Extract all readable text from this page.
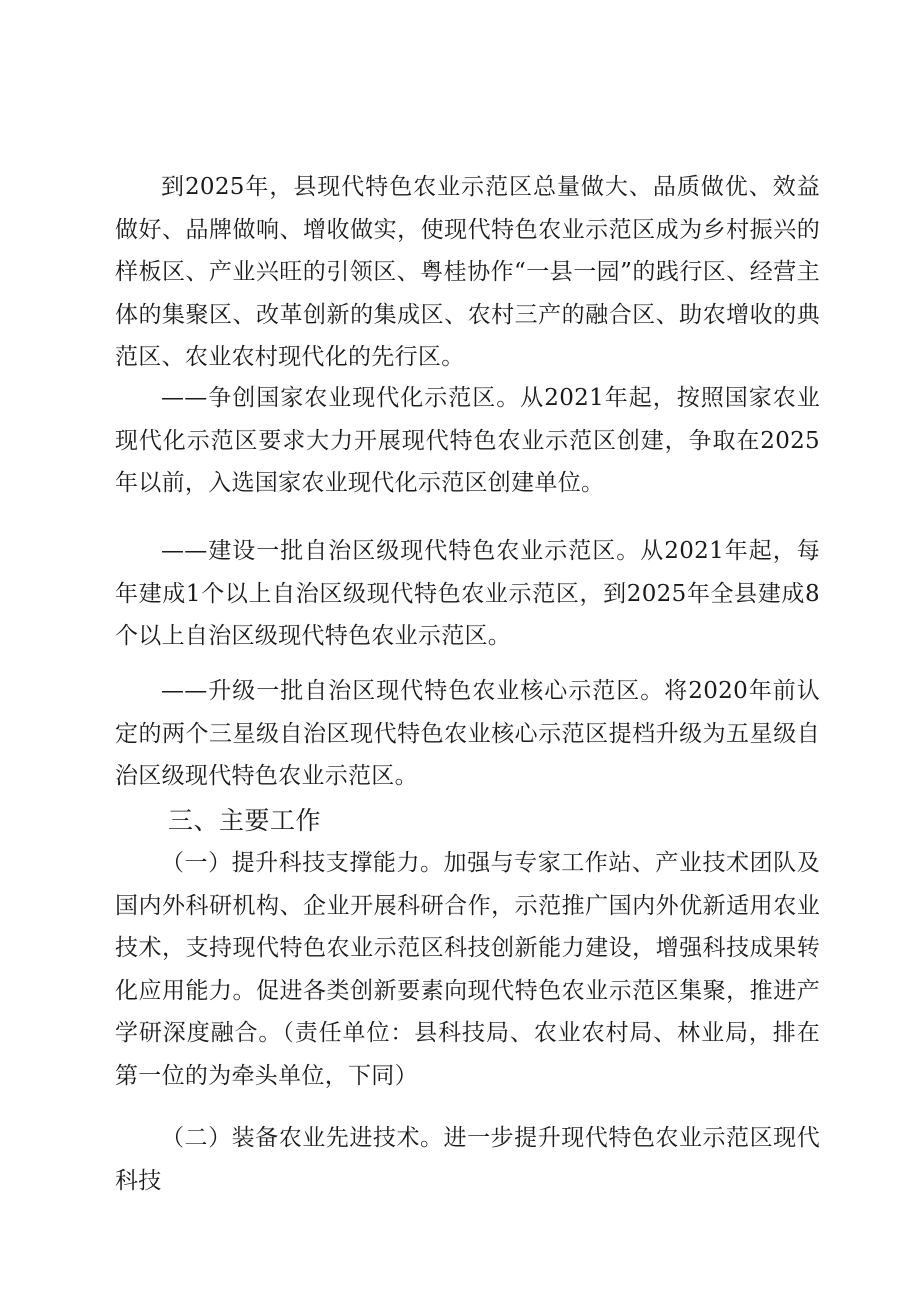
到2025年，县现代特色农业示范区总量做大、品质做优、效益做好、品牌做响、增收做实，使现代特色农业示范区成为乡村振兴的样板区、产业兴旺的引领区、粤桂协作“一县一园”的践行区、经营主体的集聚区、改革创新的集成区、农村三产的融合区、助农增收的典范区、农业农村现代化的先行区。

——争创国家农业现代化示范区。从2021年起，按照国家农业现代化示范区要求大力开展现代特色农业示范区创建，争取在2025年以前，入选国家农业现代化示范区创建单位。

——建设一批自治区级现代特色农业示范区。从2021年起，每年建成1个以上自治区级现代特色农业示范区，到2025年全县建成8个以上自治区级现代特色农业示范区。

——升级一批自治区现代特色农业核心示范区。将2020年前认定的两个三星级自治区现代特色农业核心示范区提档升级为五星级自治区级现代特色农业示范区。

三、主要工作

（一）提升科技支撑能力。加强与专家工作站、产业技术团队及国内外科研机构、企业开展科研合作，示范推广国内外优新适用农业技术，支持现代特色农业示范区科技创新能力建设，增强科技成果转化应用能力。促进各类创新要素向现代特色农业示范区集聚，推进产学研深度融合。（责任单位：县科技局、农业农村局、林业局，排在第一位的为牵头单位，下同）

（二）装备农业先进技术。进一步提升现代特色农业示范区现代科技
